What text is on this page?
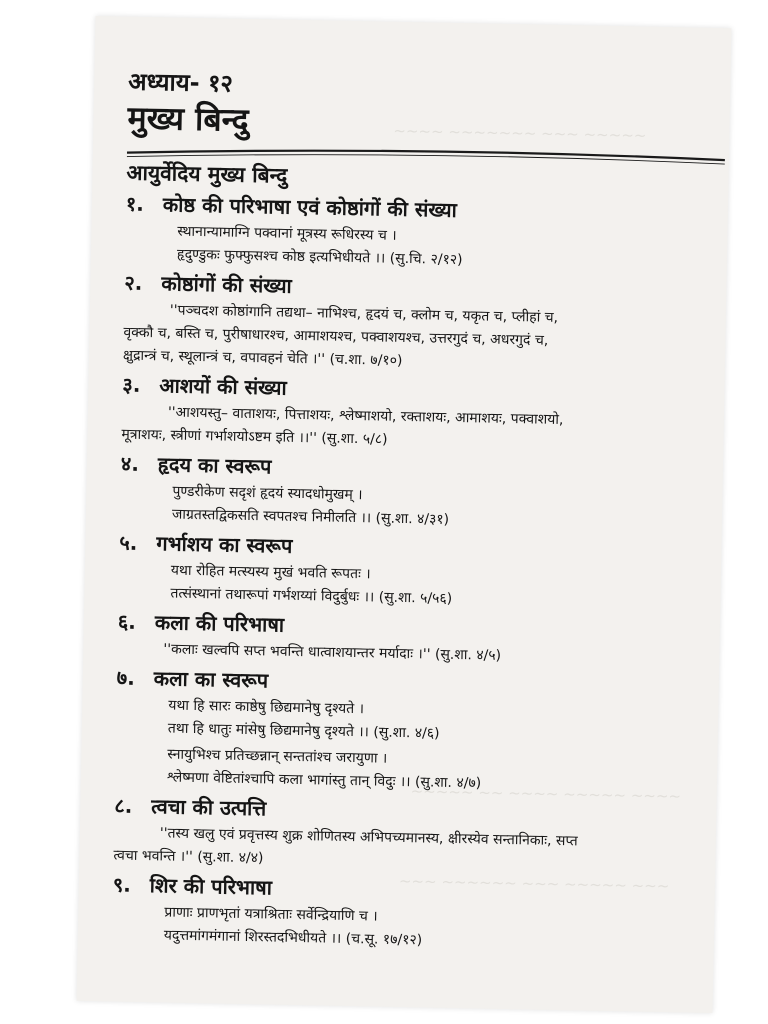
~~~~ ~~~~~~~ ~~~ ~~~~~
~~~~~ ~~ ~~~~ ~~~~~ ~~~~
~~~ ~~~~~~ ~~~ ~~~~~ ~~~
अध्याय- १२
मुख्य बिन्दु
आयुर्वेदिय मुख्य बिन्दु
१. कोष्ठ की परिभाषा एवं कोष्ठांगों की संख्या
स्थानान्यामाग्नि पक्वानां मूत्रस्य रूधिरस्य च ।
हृदुण्डुकः फुफ्फुसश्च कोष्ठ इत्यभिधीयते ।। (सु.चि. २/१२)
२. कोष्ठांगों की संख्या
''पञ्चदश कोष्ठांगानि तद्यथा– नाभिश्च, हृदयं च, क्लोम च, यकृत च, प्लीहां च,
वृक्कौ च, बस्ति च, पुरीषाधारश्च, आमाशयश्च, पक्वाशयश्च, उत्तरगुदं च, अधरगुदं च,
क्षुद्रान्त्रं च, स्थूलान्त्रं च, वपावहनं चेति ।'' (च.शा. ७/१०)
३. आशयों की संख्या
''आशयस्तु– वाताशयः, पित्ताशयः, श्लेष्माशयो, रक्ताशयः, आमाशयः, पक्वाशयो,
मूत्राशयः, स्त्रीणां गर्भाशयोऽष्टम इति ।।'' (सु.शा. ५/८)
४. हृदय का स्वरूप
पुण्डरीकेण सदृशं हृदयं स्यादधोमुखम् ।
जाग्रतस्तद्विकसति स्वपतश्च निमीलति ।। (सु.शा. ४/३१)
५. गर्भाशय का स्वरूप
यथा रोहित मत्स्यस्य मुखं भवति रूपतः ।
तत्संस्थानां तथारूपां गर्भशय्यां विदुर्बुधः ।। (सु.शा. ५/५६)
६. कला की परिभाषा
''कलाः खल्वपि सप्त भवन्ति धात्वाशयान्तर मर्यादाः ।'' (सु.शा. ४/५)
७. कला का स्वरूप
यथा हि सारः काष्ठेषु छिद्यमानेषु दृश्यते ।
तथा हि धातुः मांसेषु छिद्यमानेषु दृश्यते ।। (सु.शा. ४/६)
स्नायुभिश्च प्रतिच्छन्नान् सन्ततांश्च जरायुणा ।
श्लेष्मणा वेष्टितांश्चापि कला भागांस्तु तान् विदुः ।। (सु.शा. ४/७)
८. त्वचा की उत्पत्ति
''तस्य खलु एवं प्रवृत्तस्य शुक्र शोणितस्य अभिपच्यमानस्य, क्षीरस्येव सन्तानिकाः, सप्त
त्वचा भवन्ति ।'' (सु.शा. ४/४)
९. शिर की परिभाषा
प्राणाः प्राणभृतां यत्राश्रिताः सर्वेन्द्रियाणि च ।
यदुत्तमांगमंगानां शिरस्तदभिधीयते ।। (च.सू. १७/१२)
